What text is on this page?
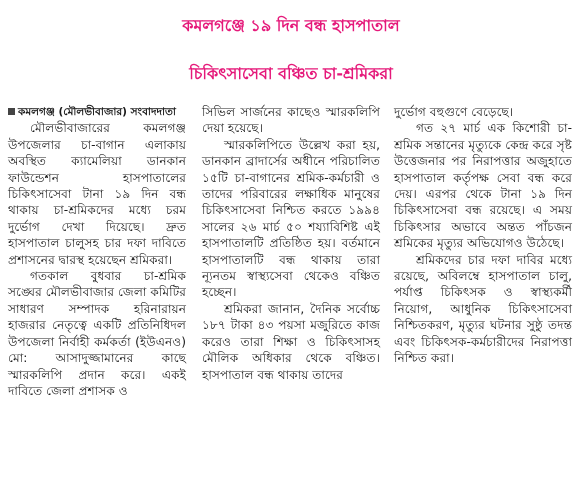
কমলগঞ্জে ১৯ দিন বন্ধ হাসপাতাল
চিকিৎসাসেবা বঞ্চিত চা-শ্রমিকরা
কমলগঞ্জ (মৌলভীবাজার) সংবাদদাতা

মৌলভীবাজারের কমলগঞ্জ উপজেলার চা-বাগান এলাকায় অবস্থিত ক্যামেলিয়া ডানকান ফাউন্ডেশন হাসপাতালের চিকিৎসাসেবা টানা ১৯ দিন বন্ধ থাকায় চা-শ্রমিকদের মধ্যে চরম দুর্ভোগ দেখা দিয়েছে। দ্রুত হাসপাতাল চালুসহ চার দফা দাবিতে প্রশাসনের দ্বারস্থ হয়েছেন শ্রমিকরা।

গতকাল বুধবার চা-শ্রমিক সঙ্ঘের মৌলভীবাজার জেলা কমিটির সাধারণ সম্পাদক হরিনারায়ন হাজরার নেতৃত্বে একটি প্রতিনিধিদল উপজেলা নির্বাহী কর্মকর্তা (ইউএনও) মো: আসাদুজ্জামানের কাছে স্মারকলিপি প্রদান করে। একই দাবিতে জেলা প্রশাসক ও

সিভিল সার্জনের কাছেও স্মারকলিপি দেয়া হয়েছে।

স্মারকলিপিতে উল্লেখ করা হয়, ডানকান ব্রাদার্সের অধীনে পরিচালিত ১৫টি চা-বাগানের শ্রমিক-কর্মচারী ও তাদের পরিবারের লক্ষাধিক মানুষের চিকিৎসাসেবা নিশ্চিত করতে ১৯৯৪ সালের ২৬ মার্চ ৫০ শয্যাবিশিষ্ট এই হাসপাতালটি প্রতিষ্ঠিত হয়। বর্তমানে হাসপাতালটি বন্ধ থাকায় তারা ন্যূনতম স্বাস্থ্যসেবা থেকেও বঞ্চিত হচ্ছেন।

শ্রমিকরা জানান, দৈনিক সর্বোচ্চ ১৮৭ টাকা ৪৩ পয়সা মজুরিতে কাজ করেও তারা শিক্ষা ও চিকিৎসাসহ মৌলিক অধিকার থেকে বঞ্চিত। হাসপাতাল বন্ধ থাকায় তাদের

দুর্ভোগ বহুগুণে বেড়েছে।

গত ২৭ মার্চ এক কিশোরী চা-শ্রমিক সন্তানের মৃত্যুকে কেন্দ্র করে সৃষ্ট উত্তেজনার পর নিরাপত্তার অজুহাতে হাসপাতাল কর্তৃপক্ষ সেবা বন্ধ করে দেয়। এরপর থেকে টানা ১৯ দিন চিকিৎসাসেবা বন্ধ রয়েছে। এ সময় চিকিৎসার অভাবে অন্তত পাঁচজন শ্রমিকের মৃত্যুর অভিযোগও উঠেছে।

শ্রমিকদের চার দফা দাবির মধ্যে রয়েছে, অবিলম্বে হাসপাতাল চালু, পর্যাপ্ত চিকিৎসক ও স্বাস্থ্যকর্মী নিয়োগ, আধুনিক চিকিৎসাসেবা নিশ্চিতকরণ, মৃত্যুর ঘটনার সুষ্ঠু তদন্ত এবং চিকিৎসক-কর্মচারীদের নিরাপত্তা নিশ্চিত করা।
